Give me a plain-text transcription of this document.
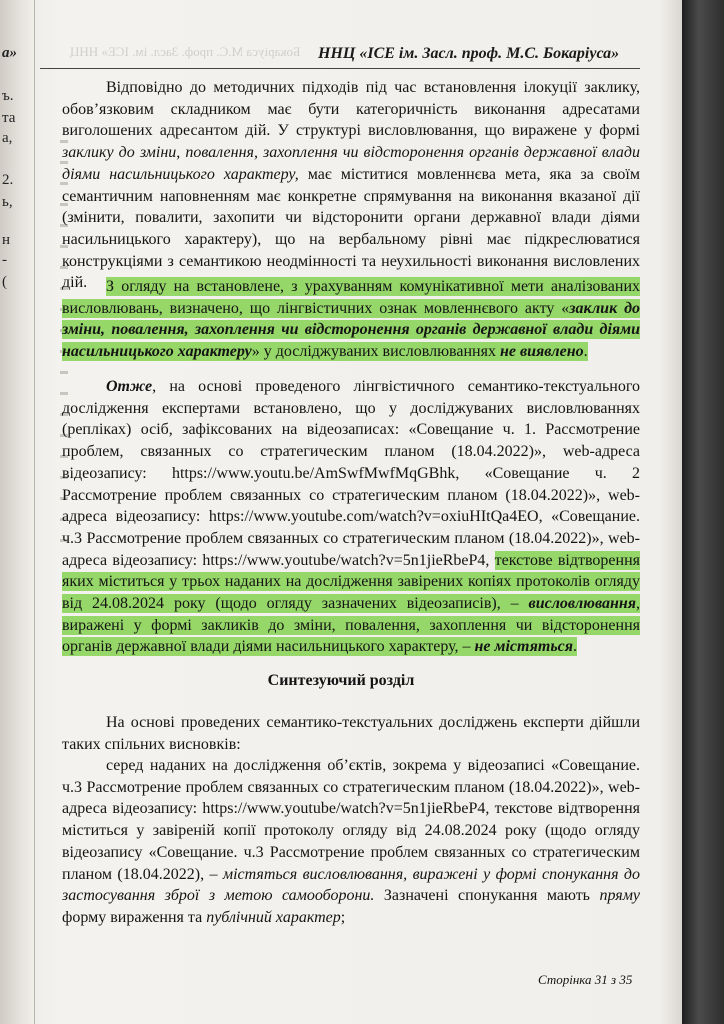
а»
ъ.
та
а,
2.
ь,
н
-
(
Бокаріуса М.С. проф. Засл. ім. ІСЕ» ННЦ ННЦ «ІСЕ ім. Засл. проф. М.С. Бокаріуса»

Відповідно до методичних підходів під час встановлення ілокуції заклику, обов’язковим складником має бути категоричність виконання адресатами виголошених адресантом дій. У структурі висловлювання, що виражене у формі заклику до зміни, повалення, захоплення чи відсторонення органів державної влади діями насильницького характеру, має міститися мовленнєва мета, яка за своїм семантичним наповненням має конкретне спрямування на виконання вказаної дії (змінити, повалити, захопити чи відсторонити органи державної влади діями насильницького характеру), що на вербальному рівні має підкреслюватися конструкціями з семантикою неодмінності та неухильності виконання висловлених дій.	З огляду на встановлене, з урахуванням комунікативної мети аналізованих висловлювань, визначено, що лінгвістичних ознак мовленнєвого акту «заклик до зміни, повалення, захоплення чи відсторонення органів державної влади діями насильницького характеру» у досліджуваних висловлюваннях не виявлено.

Отже, на основі проведеного лінгвістичного семантико-текстуального дослідження експертами встановлено, що у досліджуваних висловлюваннях (репліках) осіб, зафіксованих на відеозаписах: «Совещание ч. 1. Рассмотрение проблем, связанных со стратегическим планом (18.04.2022)», web-адреса відеозапису: https://www.youtu.be/AmSwfMwfMqGBhk, «Совещание ч. 2 Рассмотрение проблем связанных со стратегическим планом (18.04.2022)», web- адреса відеозапису: https://www.youtube.com/watch?v=oxiuHItQa4EO, «Совещание. ч.3 Рассмотрение проблем связанных со стратегическим планом (18.04.2022)», web-адреса відеозапису: https://www.youtube/watch?v=5n1jieRbeP4, текстове відтворення яких міститься у трьох наданих на дослідження завірених копіях протоколів огляду від 24.08.2024 року (щодо огляду зазначених відеозаписів), – висловлювання, виражені у формі закликів до зміни, повалення, захоплення чи відсторонення органів державної влади діями насильницького характеру, – не містяться.

Синтезуючий розділ

На основі проведених семантико-текстуальних досліджень експерти дійшли таких спільних висновків:

серед наданих на дослідження об’єктів, зокрема у відеозаписі «Совещание. ч.3 Рассмотрение проблем связанных со стратегическим планом (18.04.2022)», web-адреса відеозапису: https://www.youtube/watch?v=5n1jieRbeP4, текстове відтворення міститься у завіреній копії протоколу огляду від 24.08.2024 року (щодо огляду відеозапису «Совещание. ч.3 Рассмотрение проблем связанных со стратегическим планом (18.04.2022), – містяться висловлювання, виражені у формі спонукання до застосування зброї з метою самооборони. Зазначені спонукання мають пряму форму вираження та публічний характер;

Сторінка 31 з 35
